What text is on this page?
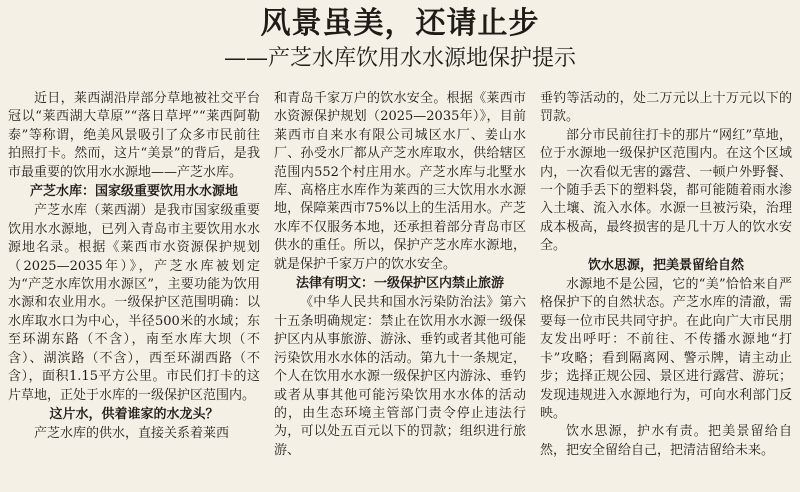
风景虽美，还请止步
——产芝水库饮用水水源地保护提示

近日，莱西湖沿岸部分草地被社交平台冠以“莱西湖大草原”“落日草坪”“莱西阿勒泰”等称谓，绝美风景吸引了众多市民前往拍照打卡。然而，这片“美景”的背后，是我市最重要的饮用水水源地——产芝水库。

产芝水库：国家级重要饮用水水源地

产芝水库（莱西湖）是我市国家级重要饮用水水源地，已列入青岛市主要饮用水水源地名录。根据《莱西市水资源保护规划（2025—2035年）》，产芝水库被划定为“产芝水库饮用水源区”，主要功能为饮用水源和农业用水。一级保护区范围明确：以水库取水口为中心，半径500米的水域；东至环湖东路（不含），南至水库大坝（不含）、湖滨路（不含），西至环湖西路（不含），面积1.15平方公里。市民们打卡的这片草地，正处于水库的一级保护区范围内。

这片水，供着谁家的水龙头？

产芝水库的供水，直接关系着莱西

和青岛千家万户的饮水安全。根据《莱西市水资源保护规划（2025—2035年）》，目前莱西市自来水有限公司城区水厂、姜山水厂、孙受水厂都从产芝水库取水，供给辖区范围内552个村庄用水。产芝水库与北墅水库、高格庄水库作为莱西的三大饮用水水源地，保障莱西市75%以上的生活用水。产芝水库不仅服务本地，还承担着部分青岛市区供水的重任。所以，保护产芝水库水源地，就是保护千家万户的饮水安全。

法律有明文：一级保护区内禁止旅游

《中华人民共和国水污染防治法》第六十五条明确规定：禁止在饮用水水源一级保护区内从事旅游、游泳、垂钓或者其他可能污染饮用水水体的活动。第九十一条规定，个人在饮用水水源一级保护区内游泳、垂钓或者从事其他可能污染饮用水水体的活动的，由生态环境主管部门责令停止违法行为，可以处五百元以下的罚款；组织进行旅游、

垂钓等活动的，处二万元以上十万元以下的罚款。

部分市民前往打卡的那片“网红”草地，位于水源地一级保护区范围内。在这个区域内，一次看似无害的露营、一顿户外野餐、一个随手丢下的塑料袋，都可能随着雨水渗入土壤、流入水体。水源一旦被污染，治理成本极高，最终损害的是几十万人的饮水安全。

饮水思源，把美景留给自然

水源地不是公园，它的“美”恰恰来自严格保护下的自然状态。产芝水库的清澈，需要每一位市民共同守护。在此向广大市民朋友发出呼吁：不前往、不传播水源地“打卡”攻略；看到隔离网、警示牌，请主动止步；选择正规公园、景区进行露营、游玩；发现违规进入水源地行为，可向水利部门反映。

饮水思源，护水有责。把美景留给自然，把安全留给自己，把清洁留给未来。
